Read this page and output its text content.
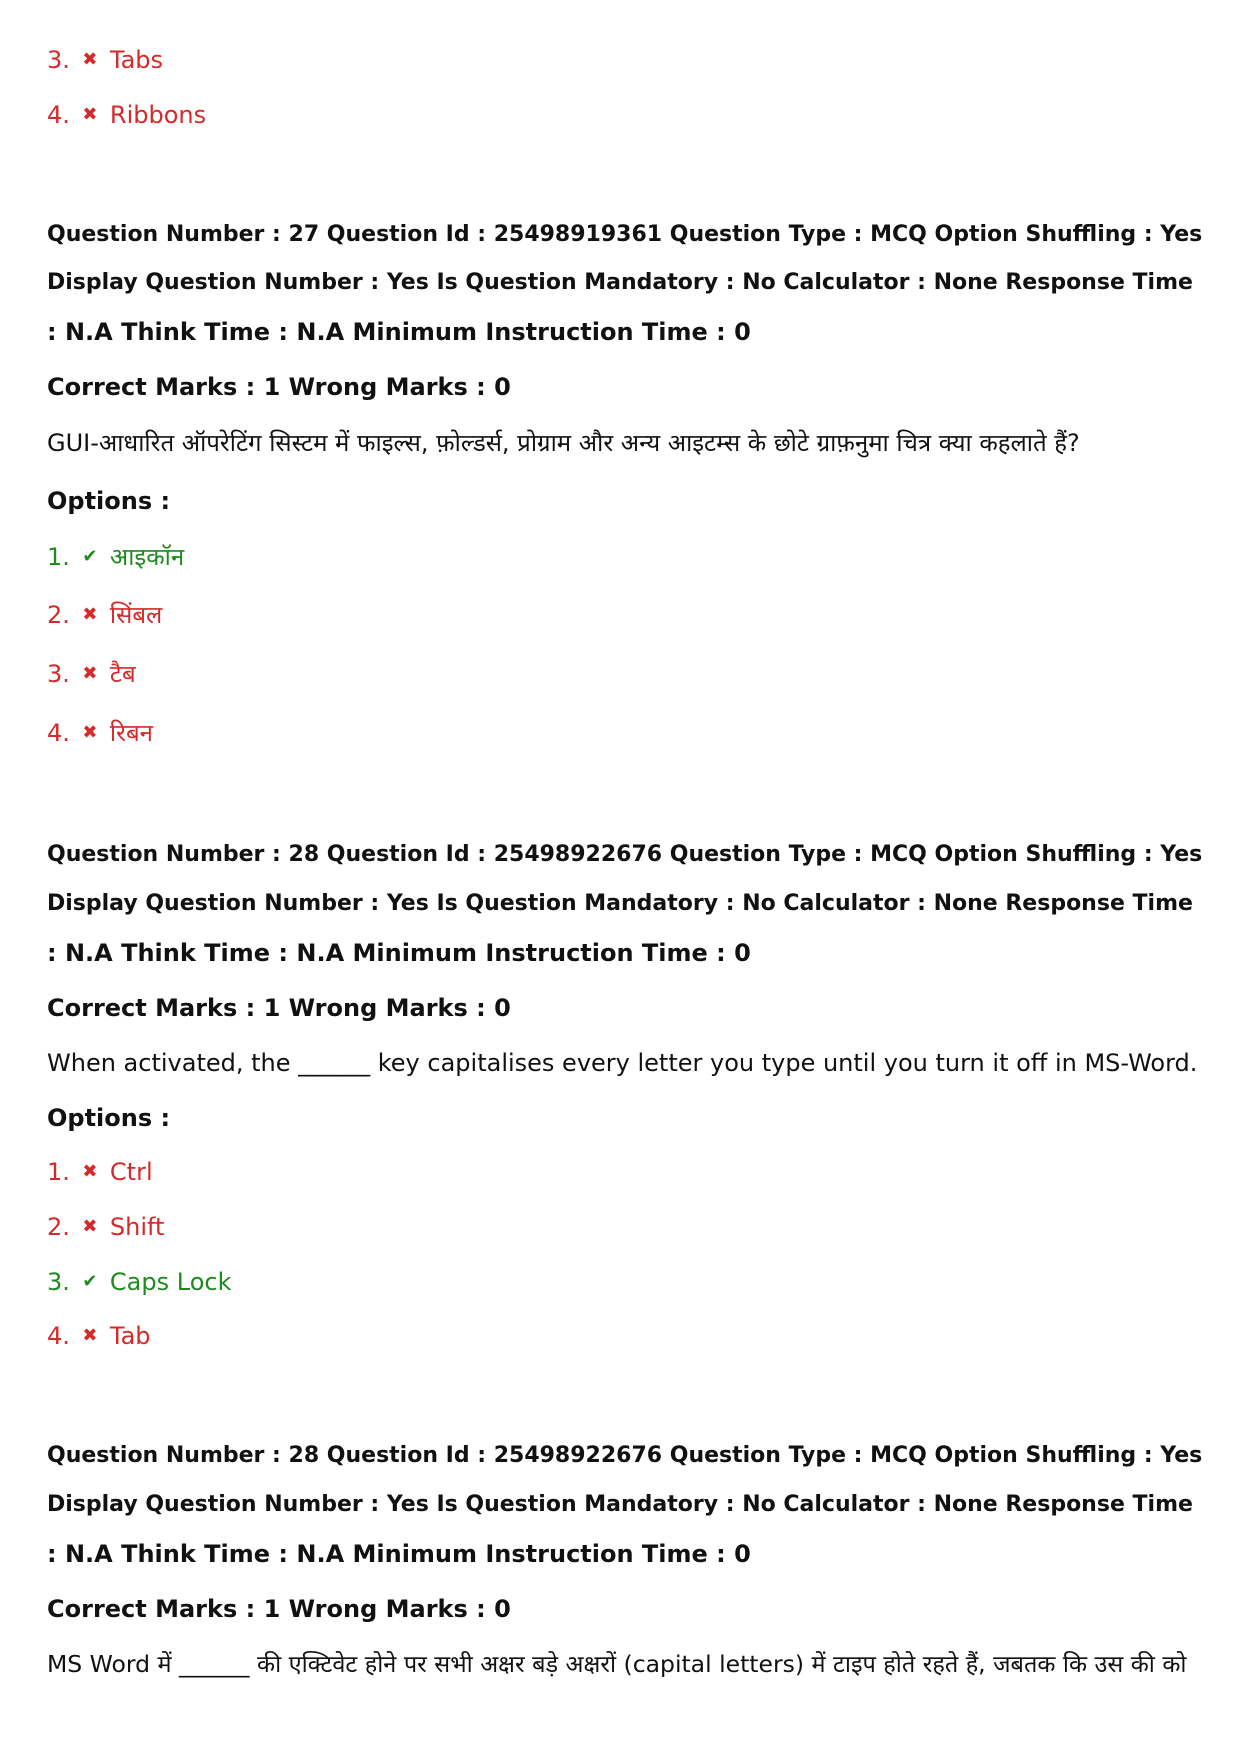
3. ✖ Tabs
4. ✖ Ribbons
Question Number : 27 Question Id : 25498919361 Question Type : MCQ Option Shuffling : Yes
Display Question Number : Yes Is Question Mandatory : No Calculator : None Response Time
: N.A Think Time : N.A Minimum Instruction Time : 0
Correct Marks : 1 Wrong Marks : 0
GUI-आधारित ऑपरेटिंग सिस्टम में फाइल्स, फ़ोल्डर्स, प्रोग्राम और अन्य आइटम्स के छोटे ग्राफ़नुमा चित्र क्या कहलाते हैं?
Options :
1. ✔ आइकॉन
2. ✖ सिंबल
3. ✖ टैब
4. ✖ रिबन
Question Number : 28 Question Id : 25498922676 Question Type : MCQ Option Shuffling : Yes
Display Question Number : Yes Is Question Mandatory : No Calculator : None Response Time
: N.A Think Time : N.A Minimum Instruction Time : 0
Correct Marks : 1 Wrong Marks : 0
When activated, the ______ key capitalises every letter you type until you turn it off in MS-Word.
Options :
1. ✖ Ctrl
2. ✖ Shift
3. ✔ Caps Lock
4. ✖ Tab
Question Number : 28 Question Id : 25498922676 Question Type : MCQ Option Shuffling : Yes
Display Question Number : Yes Is Question Mandatory : No Calculator : None Response Time
: N.A Think Time : N.A Minimum Instruction Time : 0
Correct Marks : 1 Wrong Marks : 0
MS Word में ______ की एक्टिवेट होने पर सभी अक्षर बड़े अक्षरों (capital letters) में टाइप होते रहते हैं, जबतक कि उस की को
